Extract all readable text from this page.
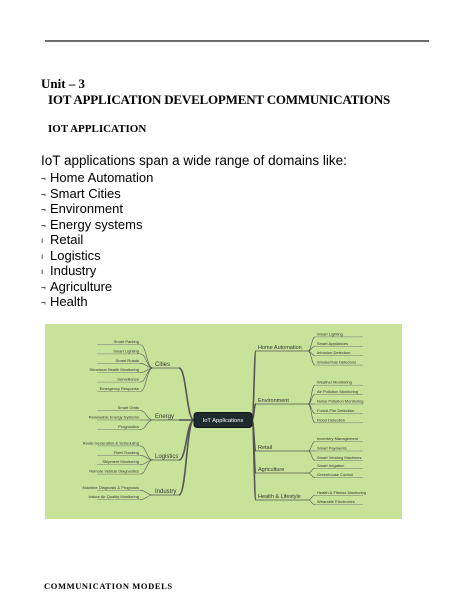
Unit – 3
IOT APPLICATION DEVELOPMENT COMMUNICATIONS
IOT APPLICATION
IoT applications span a wide range of domains like:
¬ Home Automation
¬ Smart Cities
¬ Environment
¬ Energy systems
ı Retail
ı Logistics
ı Industry
¬ Agriculture
¬ Health
Cities
Smart Parking
Smart Lighting
Smart Roads
Structural Health Monitoring
Surveillance
Emergency Response
Energy
Smart Grids
Renewable Energy Systems
Prognostics
Logistics
Route Generation & Scheduling
Fleet Tracking
Shipment Monitoring
Remote Vehicle Diagnostics
Industry
Machine Diagnosis & Prognosis
Indoor Air Quality Monitoring
Home Automation
Smart Lighting
Smart Appliances
Intrusion Detection
Smoke/Gas Detectors
Environment
Weather Monitoring
Air Pollution Monitoring
Noise Pollution Monitoring
Forest Fire Detection
Flood Detection
Retail
Inventory Management
Smart Payments
Smart Vending Machines
Agriculture
Smart Irrigation
Greenhouse Control
Health & Lifestyle
Health & Fitness Monitoring
Wearable Electronics
IoT Applications
COMMUNICATION MODELS
